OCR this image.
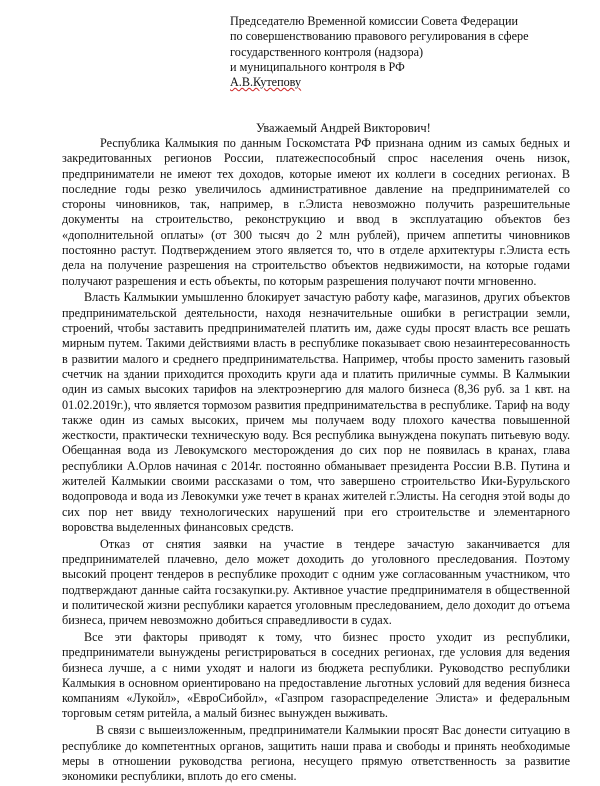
Председателю Временной комиссии Совета Федерации
по совершенствованию правового регулирования в сфере
государственного контроля (надзора)
и муниципального контроля в РФ
А.В.Кутепову
Уважаемый Андрей Викторович!

Республика Калмыкия по данным Госкомстата РФ признана одним из самых бедных и закредитованных регионов России, платежеспособный спрос населения очень низок, предприниматели не имеют тех доходов, которые имеют их коллеги в соседних регионах. В последние годы резко увеличилось административное давление на предпринимателей со стороны чиновников, так, например, в г.Элиста невозможно получить разрешительные документы на строительство, реконструкцию и ввод в эксплуатацию объектов без «дополнительной оплаты» (от 300 тысяч до 2 млн рублей), причем аппетиты чиновников постоянно растут. Подтверждением этого является то, что в отделе архитектуры г.Элиста есть дела на получение разрешения на строительство объектов недвижимости, на которые годами получают разрешения и есть объекты, по которым разрешения получают почти мгновенно.

Власть Калмыкии умышленно блокирует зачастую работу кафе, магазинов, других объектов предпринимательской деятельности, находя незначительные ошибки в регистрации земли, строений, чтобы заставить предпринимателей платить им, даже суды просят власть все решать мирным путем. Такими действиями власть в республике показывает свою незаинтересованность в развитии малого и среднего предпринимательства. Например, чтобы просто заменить газовый счетчик на здании приходится проходить круги ада и платить приличные суммы. В Калмыкии один из самых высоких тарифов на электроэнергию для малого бизнеса (8,36 руб. за 1 квт. на 01.02.2019г.), что является тормозом развития предпринимательства в республике. Тариф на воду также один из самых высоких, причем мы получаем воду плохого качества повышенной жесткости, практически техническую воду. Вся республика вынуждена покупать питьевую воду. Обещанная вода из Левокумского месторождения до сих пор не появилась в кранах, глава республики А.Орлов начиная с 2014г. постоянно обманывает президента России В.В. Путина и жителей Калмыкии своими рассказами о том, что завершено строительство Ики-Бурульского водопровода и вода из Левокумки уже течет в кранах жителей г.Элисты. На сегодня этой воды до сих пор нет ввиду технологических нарушений при его строительстве и элементарного воровства выделенных финансовых средств.

Отказ от снятия заявки на участие в тендере зачастую заканчивается для предпринимателей плачевно, дело может доходить до уголовного преследования. Поэтому высокий процент тендеров в республике проходит с одним уже согласованным участником, что подтверждают данные сайта госзакупки.ру. Активное участие предпринимателя в общественной и политической жизни республики карается уголовным преследованием, дело доходит до отъема бизнеса, причем невозможно добиться справедливости в судах.

Все эти факторы приводят к тому, что бизнес просто уходит из республики, предприниматели вынуждены регистрироваться в соседних регионах, где условия для ведения бизнеса лучше, а с ними уходят и налоги из бюджета республики. Руководство республики Калмыкия в основном ориентировано на предоставление льготных условий для ведения бизнеса компаниям «Лукойл», «ЕвроСибойл», «Газпром газораспределение Элиста» и федеральным торговым сетям ритейла, а малый бизнес вынужден выживать.

В связи с вышеизложенным, предприниматели Калмыкии просят Вас донести ситуацию в республике до компетентных органов, защитить наши права и свободы и принять необходимые меры в отношении руководства региона, несущего прямую ответственность за развитие экономики республики, вплоть до его смены.
